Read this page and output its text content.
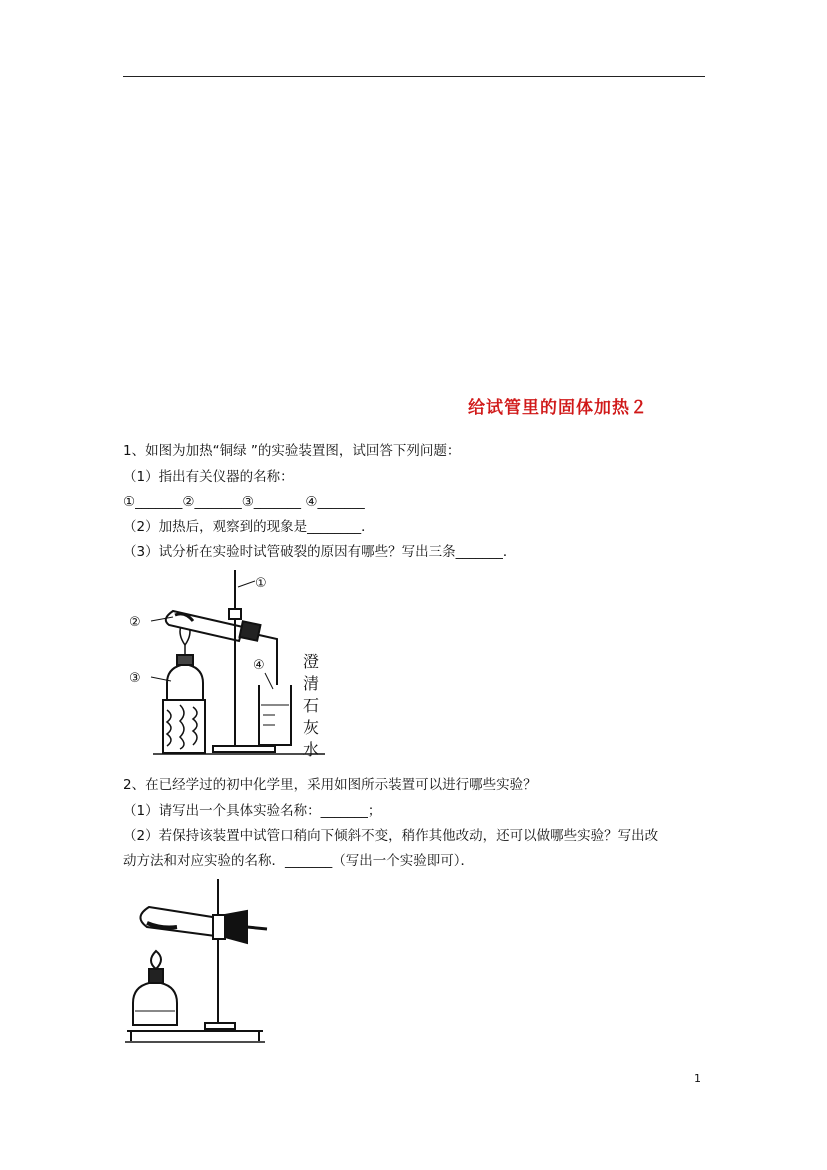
给试管里的固体加热２
1、如图为加热“铜绿 ”的实验装置图，试回答下列问题：
（1）指出有关仪器的名称：
①_______②_______③_______ ④_______
（2）加热后，观察到的现象是________．
（3）试分析在实验时试管破裂的原因有哪些？写出三条_______．
①
②
③
④ 澄
清
石
灰
水
2、在已经学过的初中化学里，采用如图所示装置可以进行哪些实验？
（1）请写出一个具体实验名称：_______；
（2）若保持该装置中试管口稍向下倾斜不变，稍作其他改动，还可以做哪些实验？写出改
动方法和对应实验的名称．_______（写出一个实验即可）．
1
